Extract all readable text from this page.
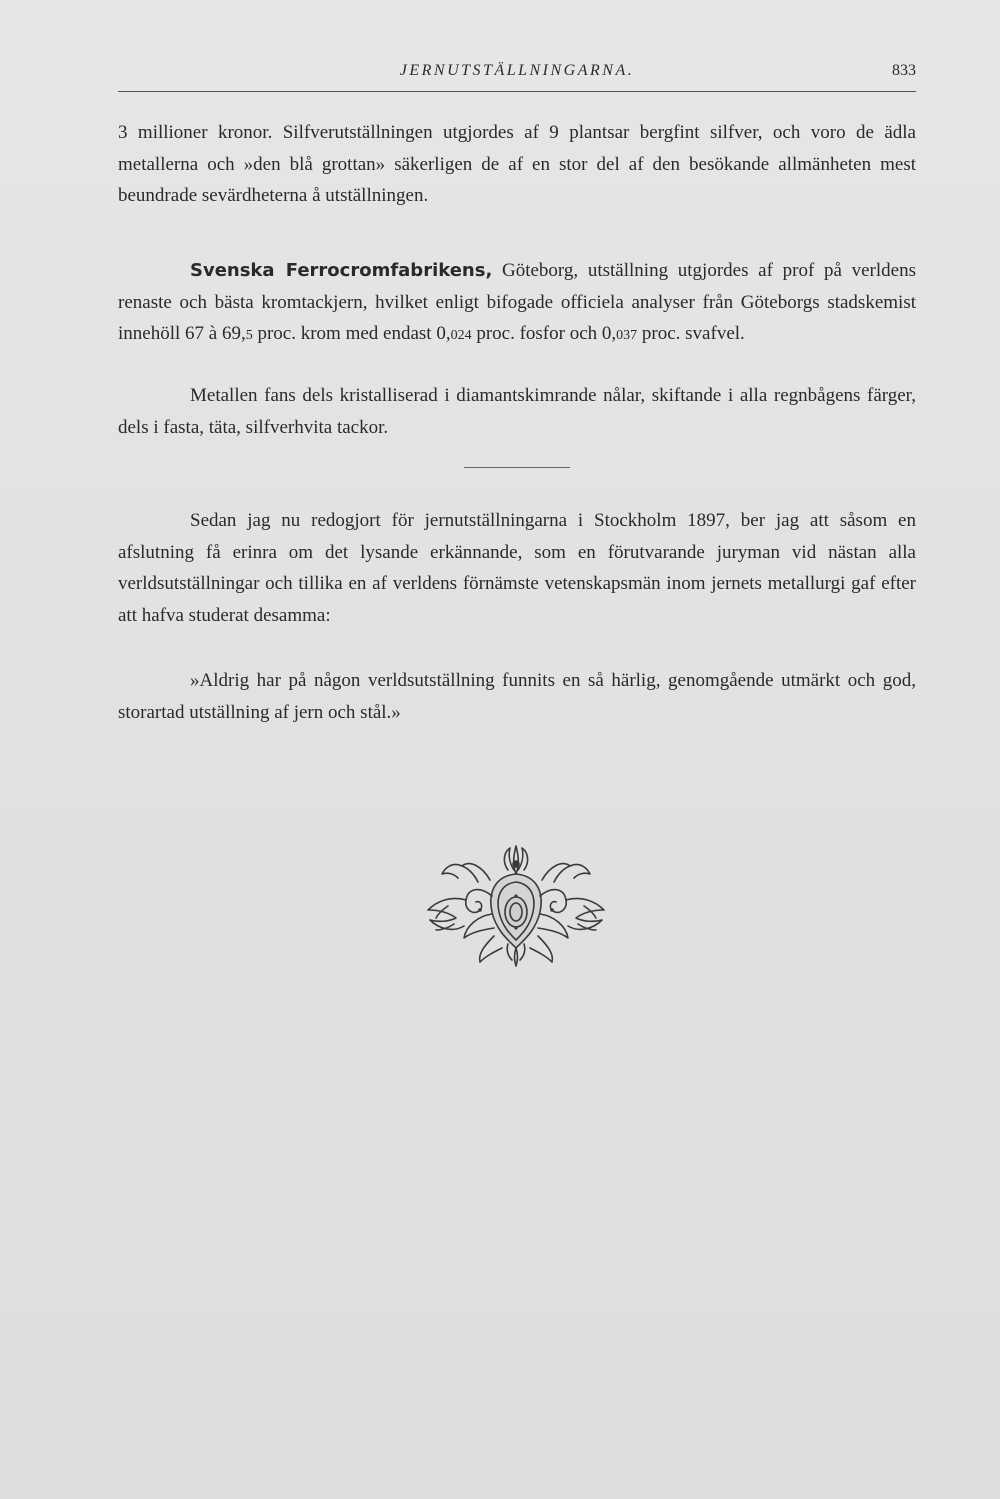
JERNUTSTÄLLNINGARNA.	833

3 millioner kronor. Silfverutställningen utgjordes af 9 plantsar bergfint silfver, och voro de ädla metallerna och »den blå grottan» säkerligen de af en stor del af den besökande allmänheten mest beundrade sevärdheterna å utställningen.

Svenska Ferrocromfabrikens, Göteborg, utställning utgjordes af prof på verldens renaste och bästa kromtackjern, hvilket enligt bifogade officiela analyser från Göteborgs stadskemist innehöll 67 à 69,5 proc. krom med endast 0,024 proc. fosfor och 0,037 proc. svafvel.

Metallen fans dels kristalliserad i diamantskimrande nålar, skiftande i alla regnbågens färger, dels i fasta, täta, silfverhvita tackor.

Sedan jag nu redogjort för jernutställningarna i Stockholm 1897, ber jag att såsom en afslutning få erinra om det lysande erkännande, som en förutvarande juryman vid nästan alla verldsutställningar och tillika en af verldens förnämste vetenskapsmän inom jernets metallurgi gaf efter att hafva studerat desamma:

»Aldrig har på någon verldsutställning funnits en så härlig, genomgående utmärkt och god, storartad utställning af jern och stål.»
